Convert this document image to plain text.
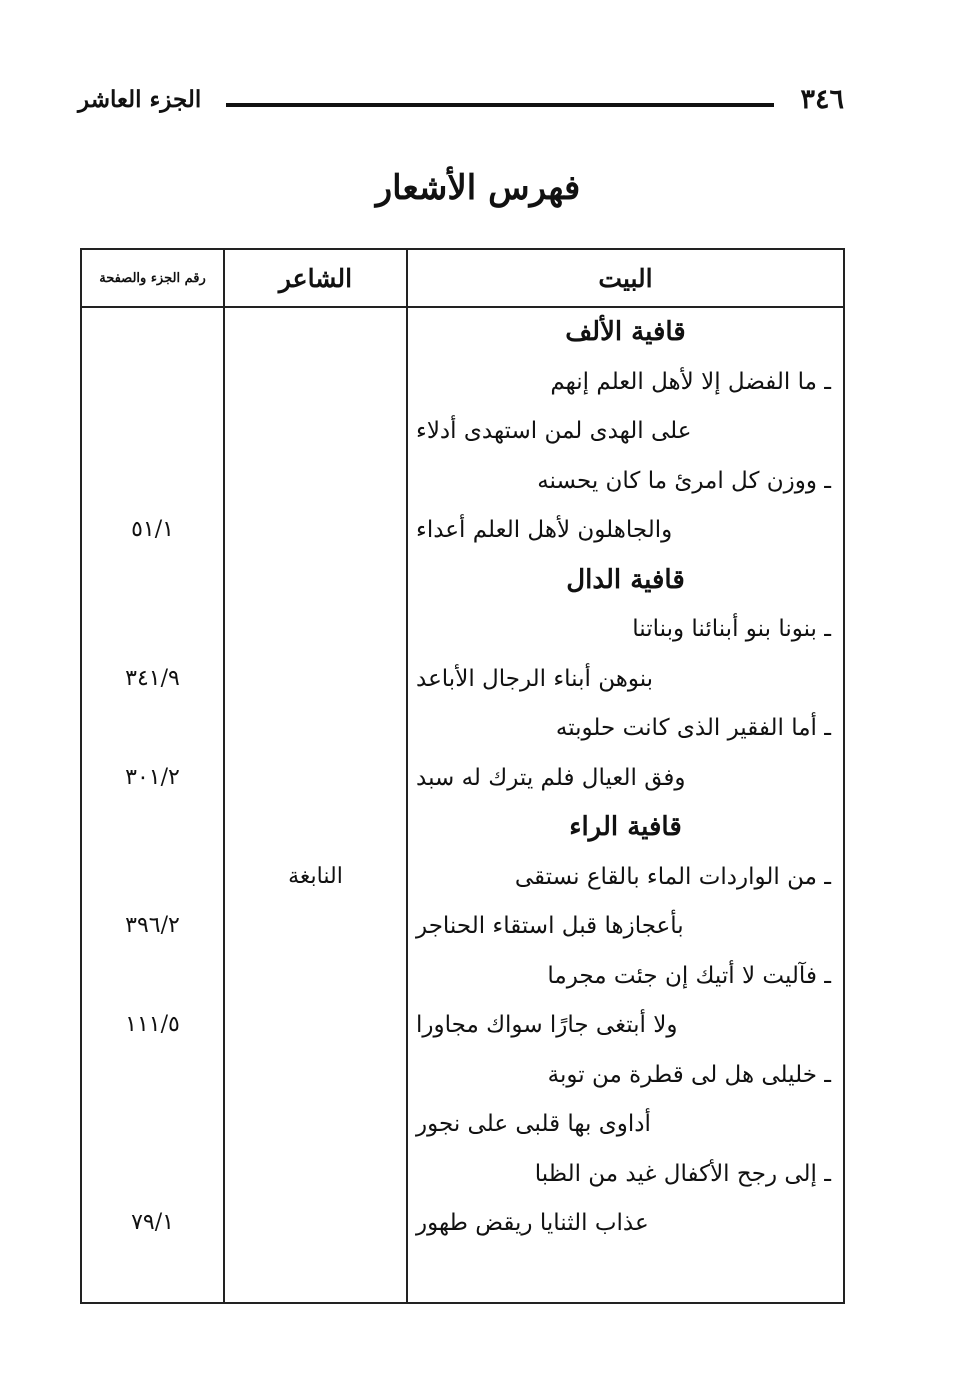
٣٤٦
الجزء العاشر
فهرس الأشعار
البيت
الشاعر
رقم الجزء والصفحة
قافية الألف
ـ ما الفضل إلا لأهل العلم إنهم
على الهدى لمن استهدى أدلاء
ـ ووزن كل امرئ ما كان يحسنه
والجاهلون لأهل العلم أعداء
٥١/١
قافية الدال
ـ بنونا بنو أبنائنا وبناتنا
بنوهن أبناء الرجال الأباعد
٣٤١/٩
ـ أما الفقير الذى كانت حلوبته
وفق العيال فلم يترك له سبد
٣٠١/٢
قافية الراء
ـ من الواردات الماء بالقاع نستقى
النابغة
بأعجازها قبل استقاء الحناجر
٣٩٦/٢
ـ فآليت لا أتيك إن جئت مجرما
ولا أبتغى جارًا سواك مجاورا
١١١/٥
ـ خليلى هل لى قطرة من توبة
أداوى بها قلبى على نجور
ـ إلى رجح الأكفال غيد من الظبا
عذاب الثنايا ريقض طهور
٧٩/١
